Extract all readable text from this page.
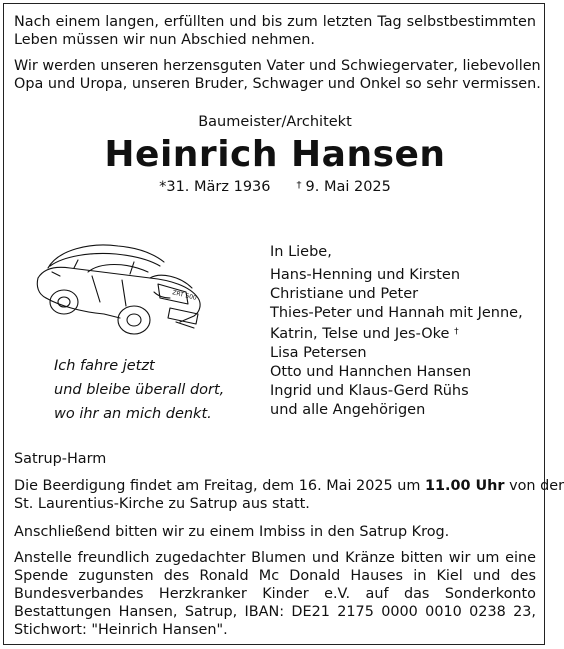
Nach einem langen, erfüllten und bis zum letzten Tag selbstbestimmten
Leben müssen wir nun Abschied nehmen.
Wir werden unseren herzensguten Vater und Schwiegervater, liebevollen
Opa und Uropa, unseren Bruder, Schwager und Onkel so sehr vermissen.
Baumeister/Architekt
Heinrich Hansen
*31. März 1936	† 9. Mai 2025
ZRT 500
Ich fahre jetzt
und bleibe überall dort,
wo ihr an mich denkt.
In Liebe,
Hans-Henning und Kirsten
Christiane und Peter
Thies-Peter und Hannah mit Jenne,
Katrin, Telse und Jes-Oke †
Lisa Petersen
Otto und Hannchen Hansen
Ingrid und Klaus-Gerd Rühs
und alle Angehörigen
Satrup-Harm
Die Beerdigung findet am Freitag, dem 16. Mai 2025 um 11.00 Uhr von der
St. Laurentius-Kirche zu Satrup aus statt.
Anschließend bitten wir zu einem Imbiss in den Satrup Krog.
Anstelle freundlich zugedachter Blumen und Kränze bitten wir um eine
Spende zugunsten des Ronald Mc Donald Hauses in Kiel und des
Bundesverbandes Herzkranker Kinder e.V. auf das Sonderkonto
Bestattungen Hansen, Satrup, IBAN: DE21 2175 0000 0010 0238 23,
Stichwort: "Heinrich Hansen".
